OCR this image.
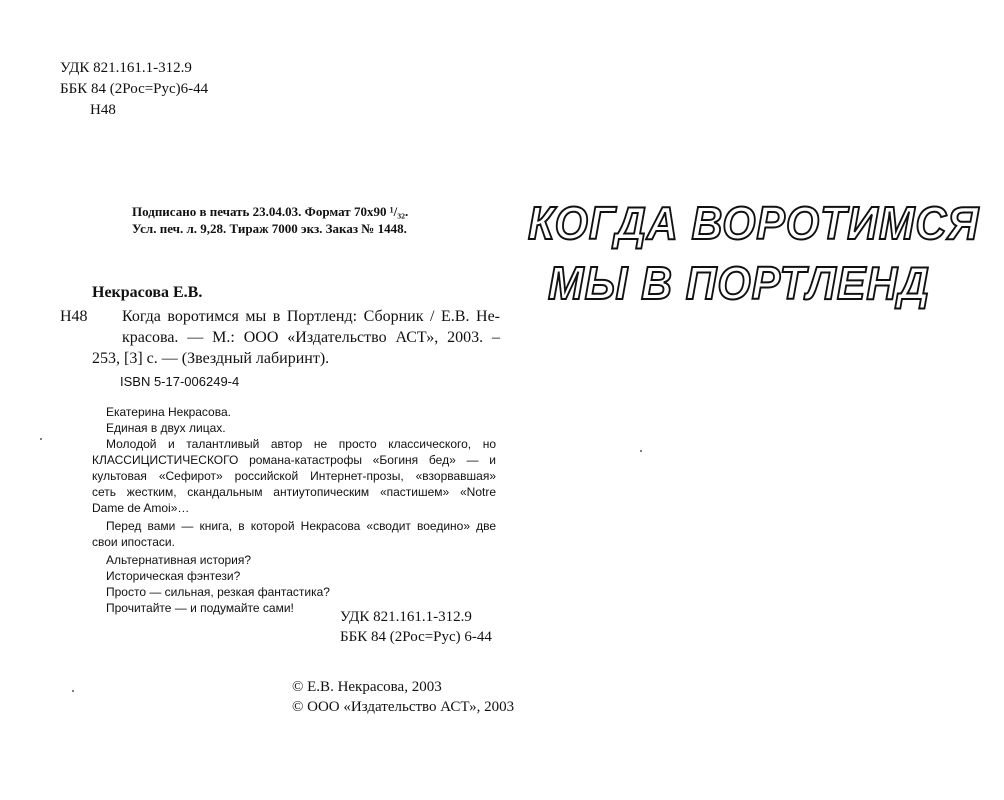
УДК 821.161.1-312.9
ББК 84 (2Рос=Рус)6-44
Н48
Подписано в печать 23.04.03. Формат 70х90 ¹/₃₂.
Усл. печ. л. 9,28. Тираж 7000 экз. Заказ № 1448.
Некрасова Е.В.
Н48 Когда воротимся мы в Портленд: Сборник / Е.В. Не-
красова. — М.: ООО «Издательство АСТ», 2003. –
253, [3] с. — (Звездный лабиринт).
ISBN 5-17-006249-4
Екатерина Некрасова.
Единая в двух лицах.
Молодой и талантливый автор не просто классического, но
КЛАССИЦИСТИЧЕСКОГО романа-катастрофы «Богиня бед» — и
культовая «Сефирот» российской Интернет-прозы, «взорвавшая»
сеть жестким, скандальным антиутопическим «пастишем» «Notre
Dame de Amoi»…
Перед вами — книга, в которой Некрасова «сводит воедино» две
свои ипостаси.
Альтернативная история?
Историческая фэнтези?
Просто — сильная, резкая фантастика?
Прочитайте — и подумайте сами!
УДК 821.161.1-312.9
ББК 84 (2Рос=Рус) 6-44
© Е.В. Некрасова, 2003
© ООО «Издательство АСТ», 2003
КОГДА ВОРОТИМСЯ
МЫ В ПОРТЛЕНД
